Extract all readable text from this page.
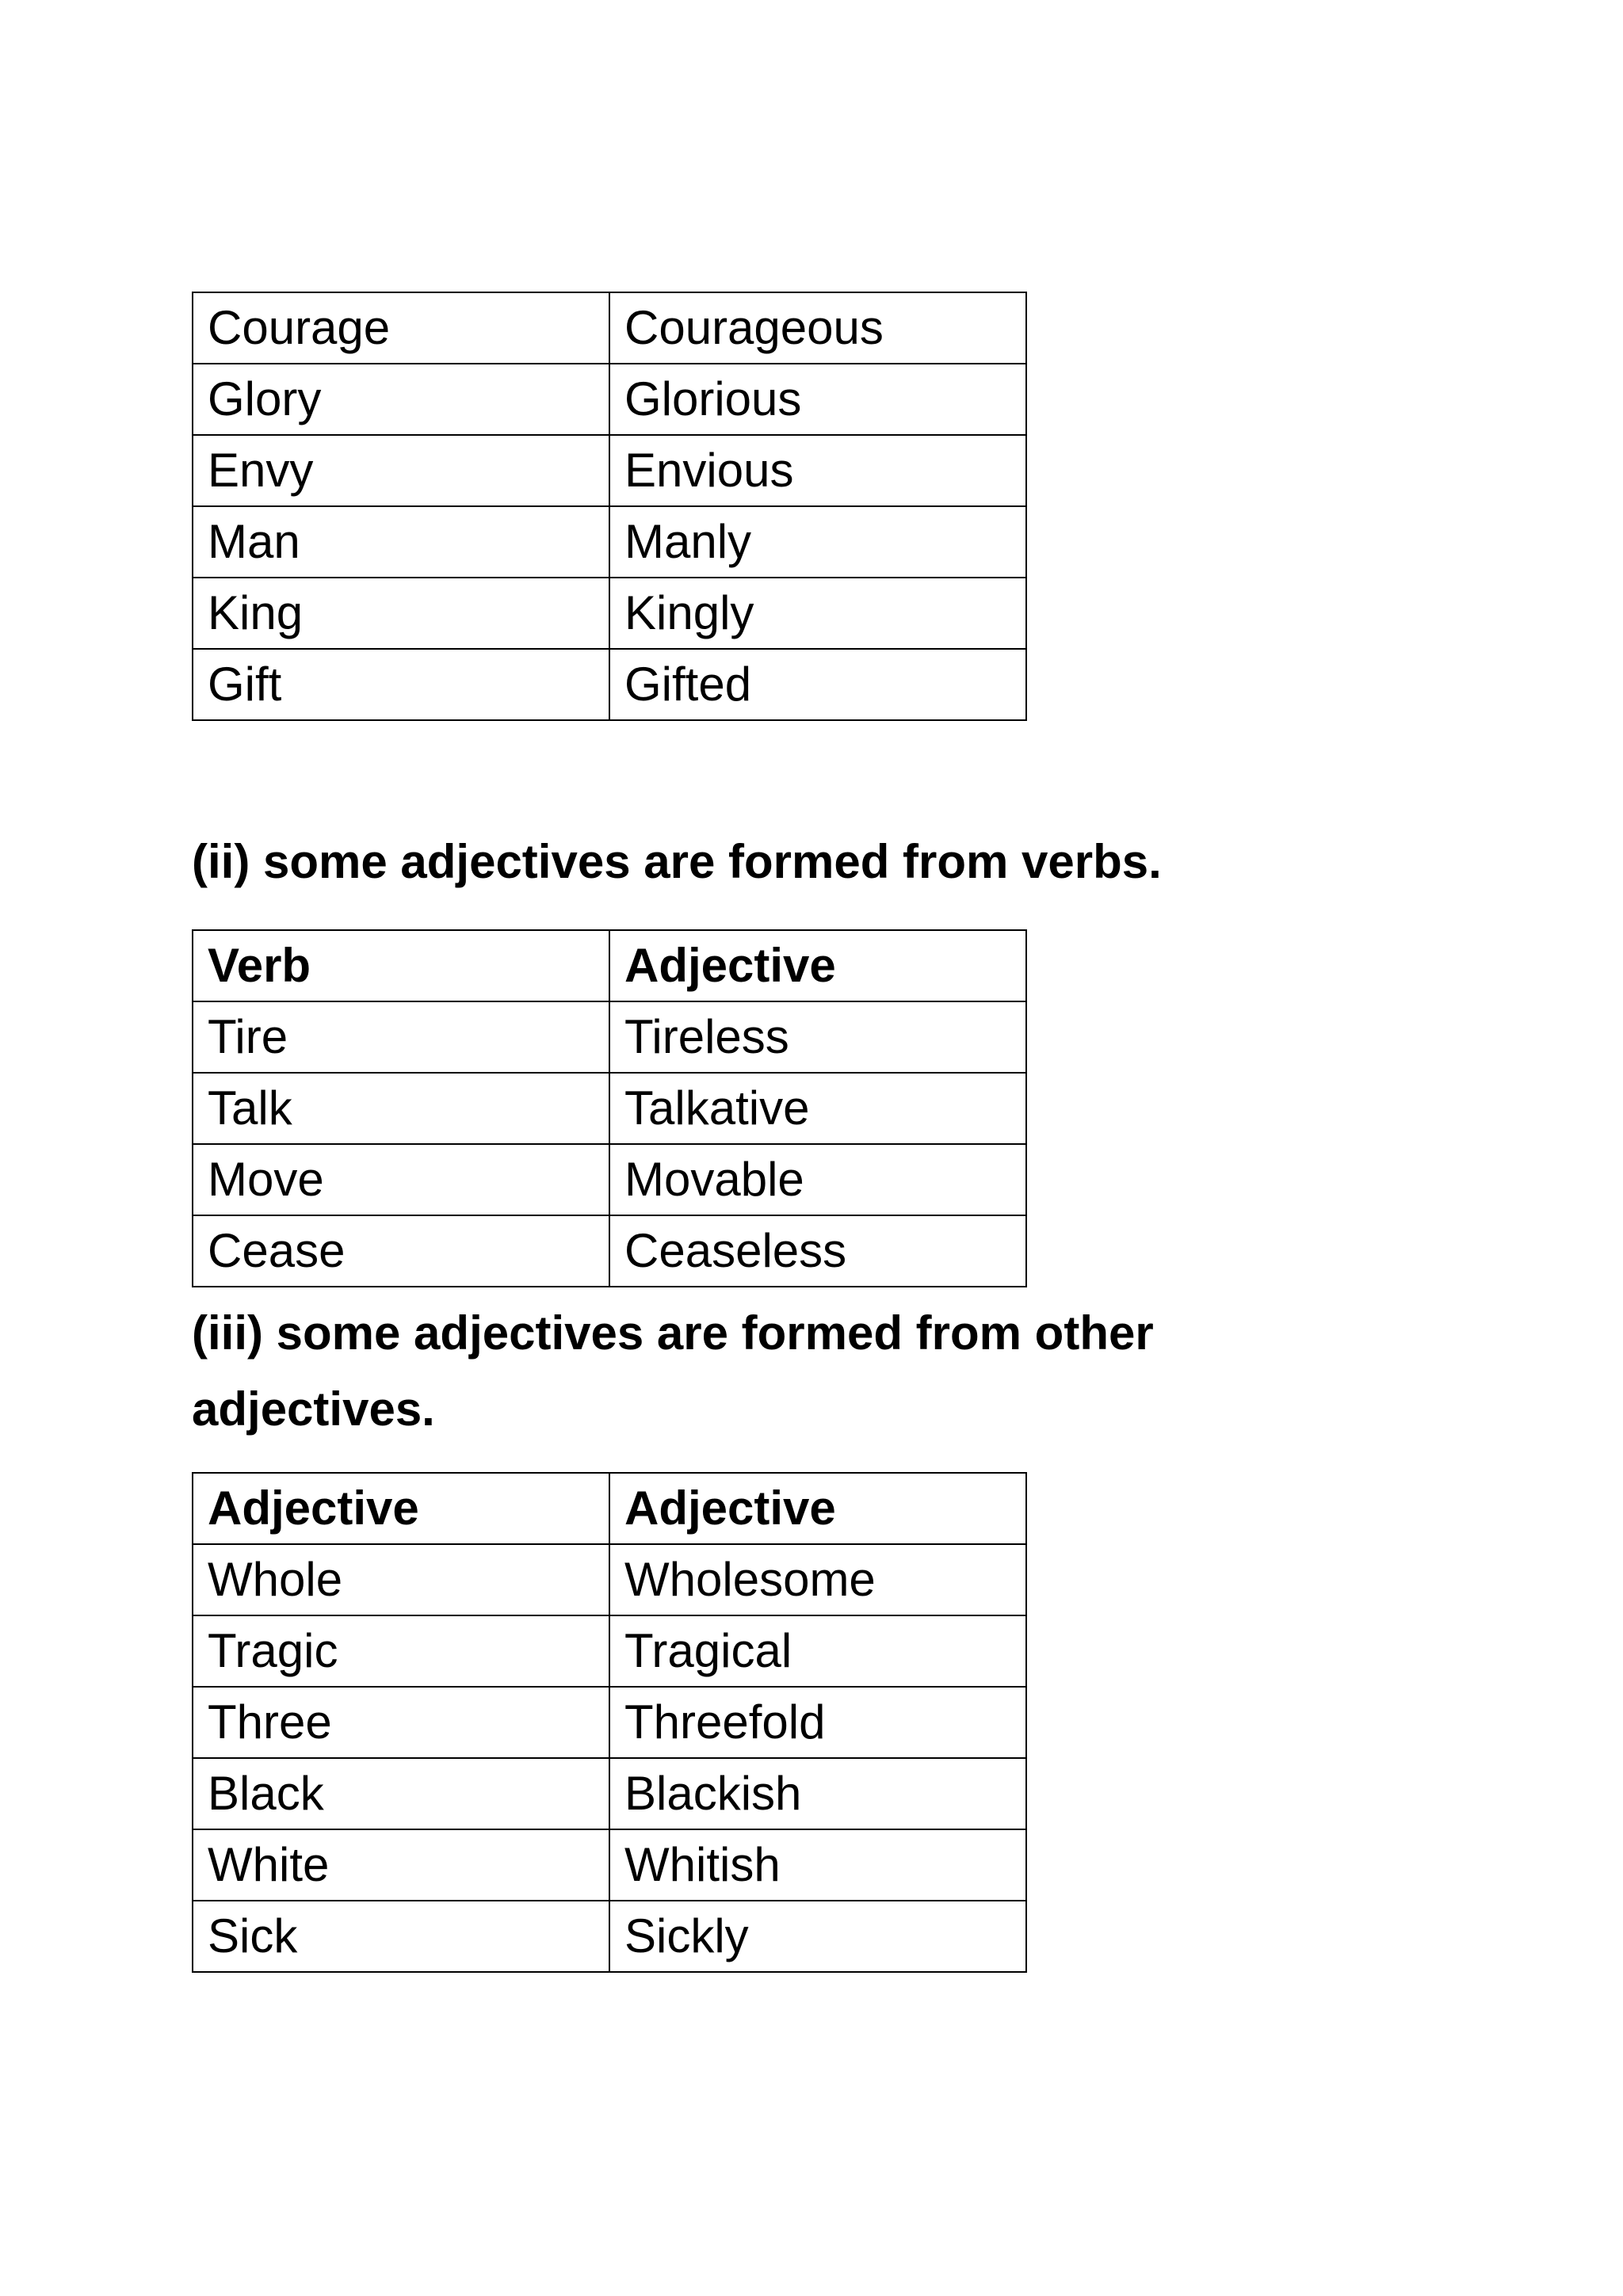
Courage	Courageous
Glory	Glorious
Envy	Envious
Man	Manly
King	Kingly
Gift	Gifted
(ii) some adjectives are formed from verbs.
Verb	Adjective
Tire	Tireless
Talk	Talkative
Move	Movable
Cease	Ceaseless
(iii) some adjectives are formed from other
adjectives.
Adjective	Adjective
Whole	Wholesome
Tragic	Tragical
Three	Threefold
Black	Blackish
White	Whitish
Sick	Sickly
